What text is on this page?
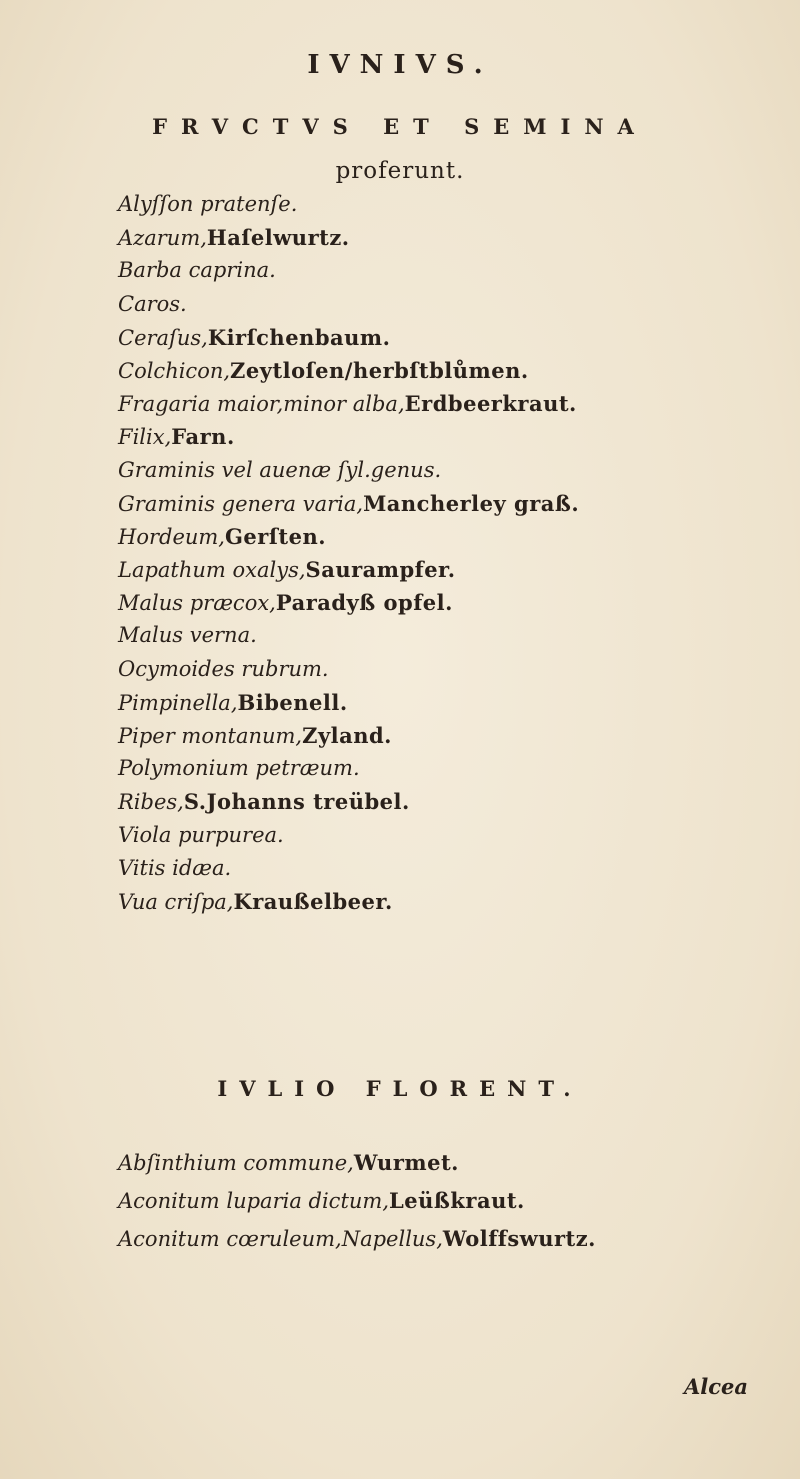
IVNIVS.
FRVCTVS ET SEMINA
proferunt.
Alyſſon pratenſe.
Azarum,Haſelwurtz.
Barba caprina.
Caros.
Ceraſus,Kirſchenbaum.
Colchicon,Zeytloſen/herbſtblůmen.
Fragaria maior,minor alba,Erdbeerkraut.
Filix,Farn.
Graminis vel auenæ ſyl.genus.
Graminis genera varia,Mancherley graß.
Hordeum,Gerſten.
Lapathum oxalys,Saurampfer.
Malus præcox,Paradyß opfel.
Malus verna.
Ocymoides rubrum.
Pimpinella,Bibenell.
Piper montanum,Zyland.
Polymonium petræum.
Ribes,S.Johanns treübel.
Viola purpurea.
Vitis idæa.
Vua criſpa,Kraußelbeer.
IVLIO FLORENT.
Abſinthium commune,Wurmet.
Aconitum luparia dictum,Leüßkraut.
Aconitum cœruleum,Napellus,Wolffswurtz.
Alcea
